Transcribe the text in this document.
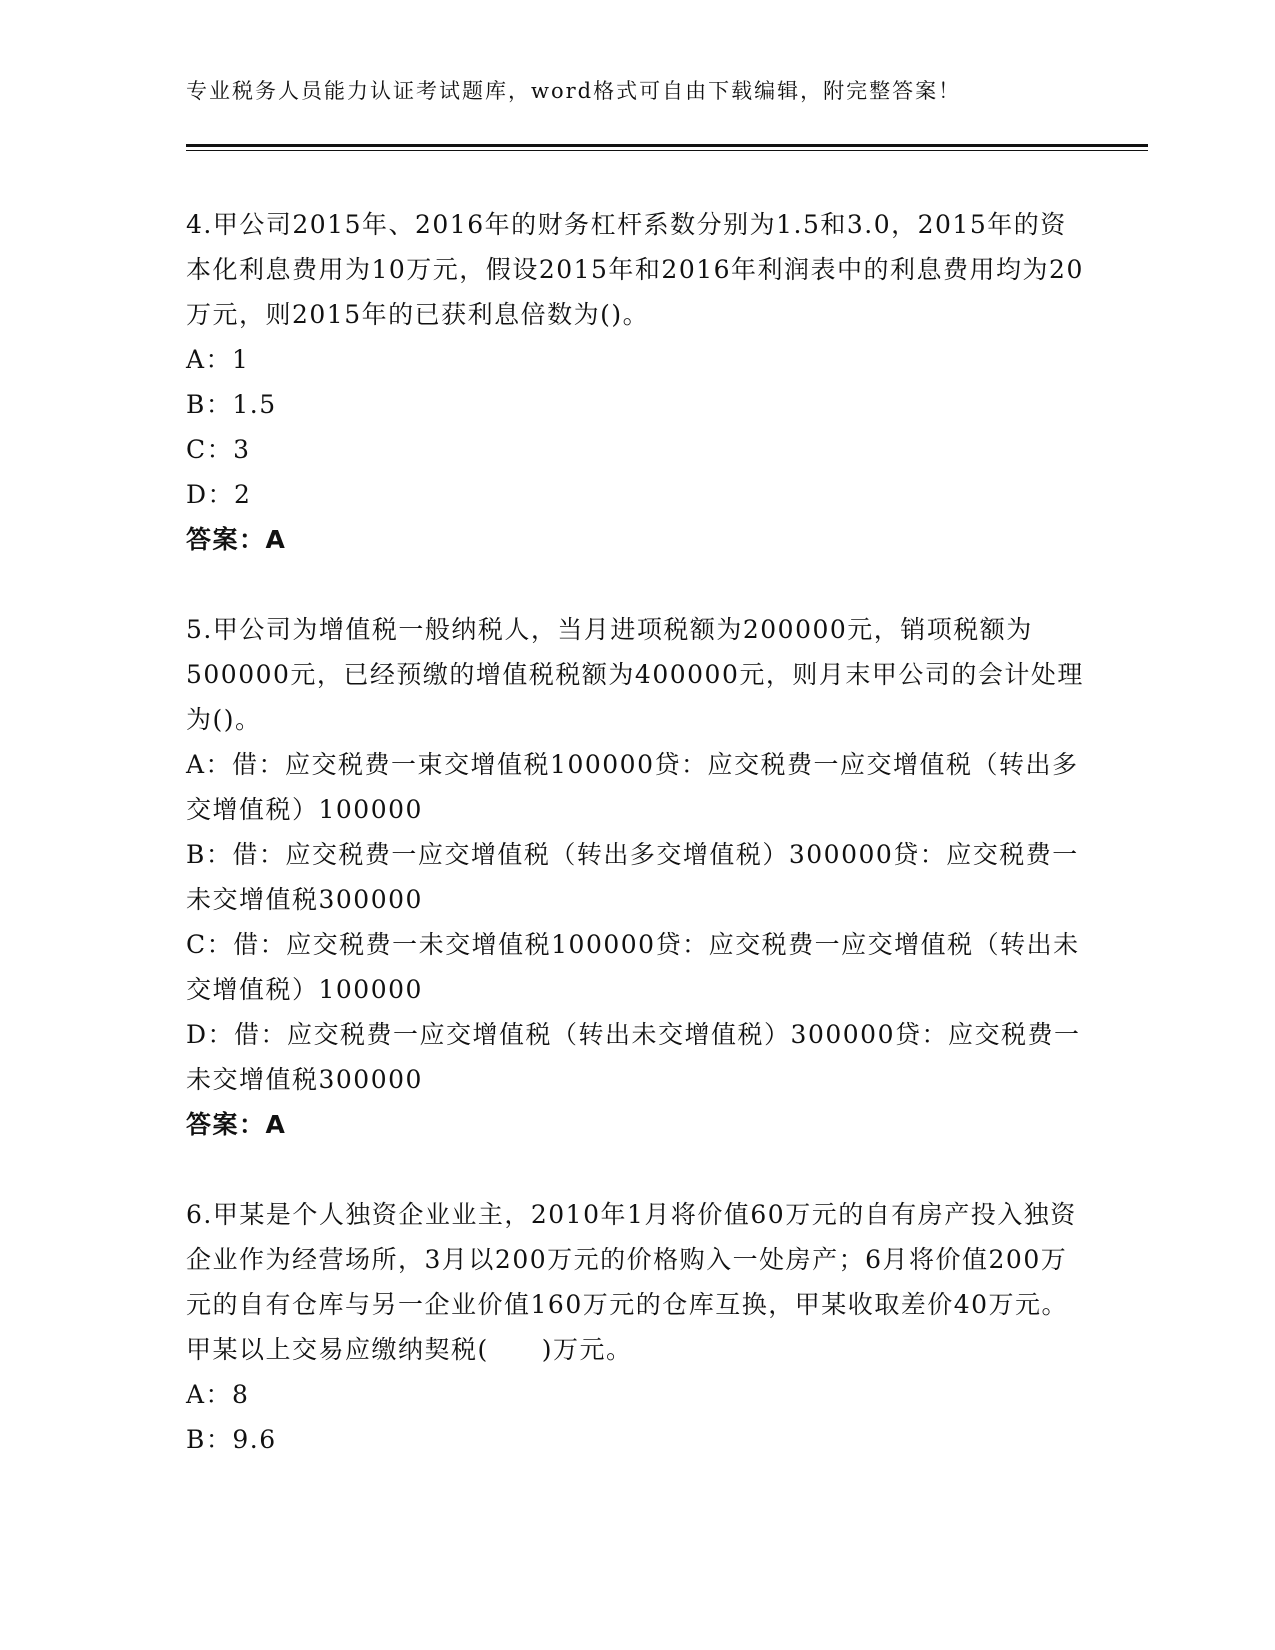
专业税务人员能力认证考试题库，word格式可自由下载编辑，附完整答案！
4.甲公司2015年、2016年的财务杠杆系数分别为1.5和3.0，2015年的资本化利息费用为10万元，假设2015年和2016年利润表中的利息费用均为20万元，则2015年的已获利息倍数为()。
A：1
B：1.5
C：3
D：2
答案：A
5.甲公司为增值税一般纳税人，当月进项税额为200000元，销项税额为500000元，已经预缴的增值税税额为400000元，则月末甲公司的会计处理为()。
A：借：应交税费一束交增值税100000贷：应交税费一应交增值税（转出多交增值税）100000
B：借：应交税费一应交增值税（转出多交增值税）300000贷：应交税费一未交增值税300000
C：借：应交税费一未交增值税100000贷：应交税费一应交增值税（转出未交增值税）100000
D：借：应交税费一应交增值税（转出未交增值税）300000贷：应交税费一未交增值税300000
答案：A
6.甲某是个人独资企业业主，2010年1月将价值60万元的自有房产投入独资企业作为经营场所，3月以200万元的价格购入一处房产；6月将价值200万元的自有仓库与另一企业价值160万元的仓库互换，甲某收取差价40万元。甲某以上交易应缴纳契税(　　)万元。
A：8
B：9.6
